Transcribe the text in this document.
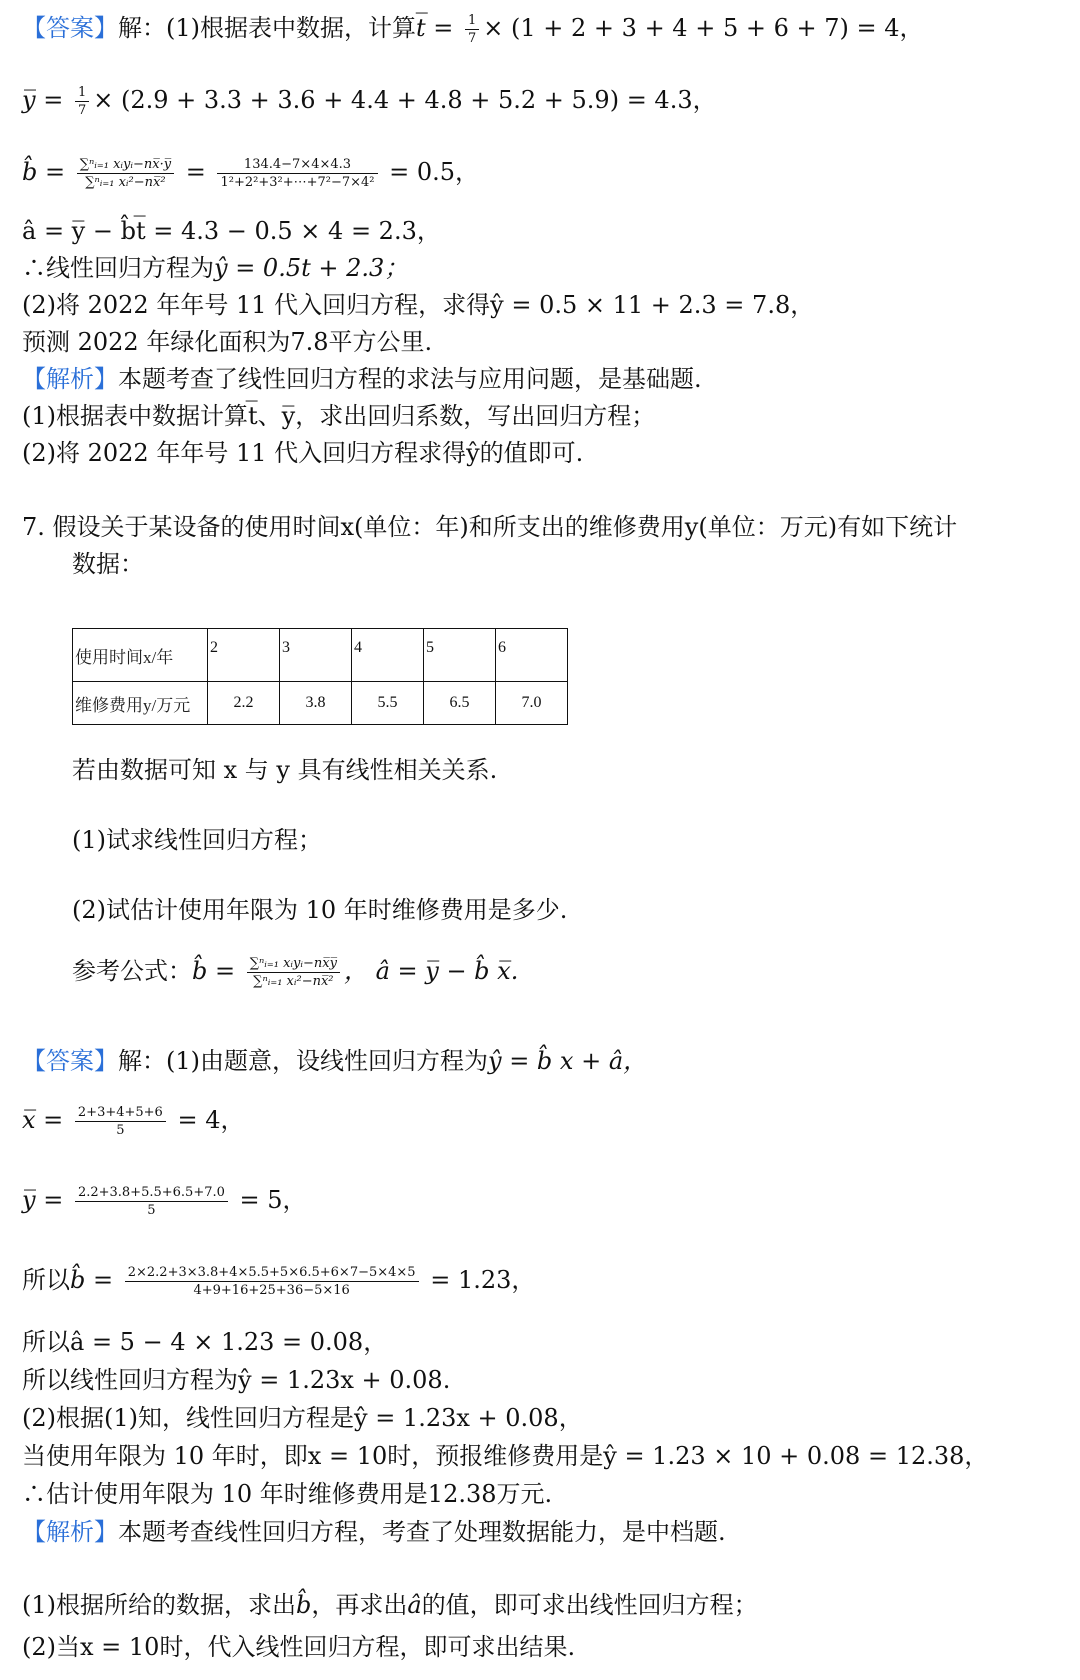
【答案】解：(1)根据表中数据，计算t̅ = $\frac{1}{7} \times (1 + 2 + 3 + 4 + 5 + 6 + 7) = 4$，
y̅ = $\frac{1}{7} \times (2.9 + 3.3 + 3.6 + 4.4 + 4.8 + 5.2 + 5.9) = 4.3$，
b̂ = $\frac{\text{∑ⁿᵢ₌₁ xᵢyᵢ−nx̅·y̅}}{\text{∑ⁿᵢ₌₁ xᵢ²−nx̅²}} = \frac{134.4-7\times 4\times 4.3}{\text{1²+2²+3²+⋯+7²−7×4²}} = 0.5$，
â = y̅ − b̂t̅ = 4.3 − 0.5 × 4 = 2.3，
∴线性回归方程为ŷ = 0.5t + 2.3；
(2)将 2022 年年号 11 代入回归方程，求得ŷ = 0.5 × 11 + 2.3 = 7.8，
预测 2022 年绿化面积为7.8平方公里.
【解析】本题考查了线性回归方程的求法与应用问题，是基础题.
(1)根据表中数据计算t̅、y̅，求出回归系数，写出回归方程；
(2)将 2022 年年号 11 代入回归方程求得ŷ的值即可.
7. 假设关于某设备的使用时间x(单位：年)和所支出的维修费用y(单位：万元)有如下统计
数据：
使用时间x/年	2	3	4	5	6
维修费用y/万元	2.2	3.8	5.5	6.5	7.0
若由数据可知 x 与 y 具有线性相关关系.
(1)试求线性回归方程；
(2)试估计使用年限为 10 年时维修费用是多少.
参考公式：b̂ = $\frac{\text{∑ⁿᵢ₌₁ xᵢyᵢ−nx̅y̅}}{\text{∑ⁿᵢ₌₁ xᵢ²−nx̅²}}$ ， â = y̅ − b̂ x̅.
【答案】解：(1)由题意，设线性回归方程为ŷ = b̂ x + â，
x̅ = $\frac{2+3+4+5+6}{5} = 4$，
y̅ = $\frac{2.2+3.8+5.5+6.5+7.0}{5} = 5$，
所以b̂ = $\frac{2\times 2.2+3\times 3.8+4\times 5.5+5\times 6.5+6\times 7-5\times 4\times 5}{4+9+16+25+36-5\times 16} = 1.23$，
所以â = 5 − 4 × 1.23 = 0.08，
所以线性回归方程为ŷ = 1.23x + 0.08.
(2)根据(1)知，线性回归方程是ŷ = 1.23x + 0.08，
当使用年限为 10 年时，即x = 10时，预报维修费用是ŷ = 1.23 × 10 + 0.08 = 12.38，
∴估计使用年限为 10 年时维修费用是12.38万元.
【解析】本题考查线性回归方程，考查了处理数据能力，是中档题.
(1)根据所给的数据，求出b̂，再求出â的值，即可求出线性回归方程；
(2)当x = 10时，代入线性回归方程，即可求出结果.
